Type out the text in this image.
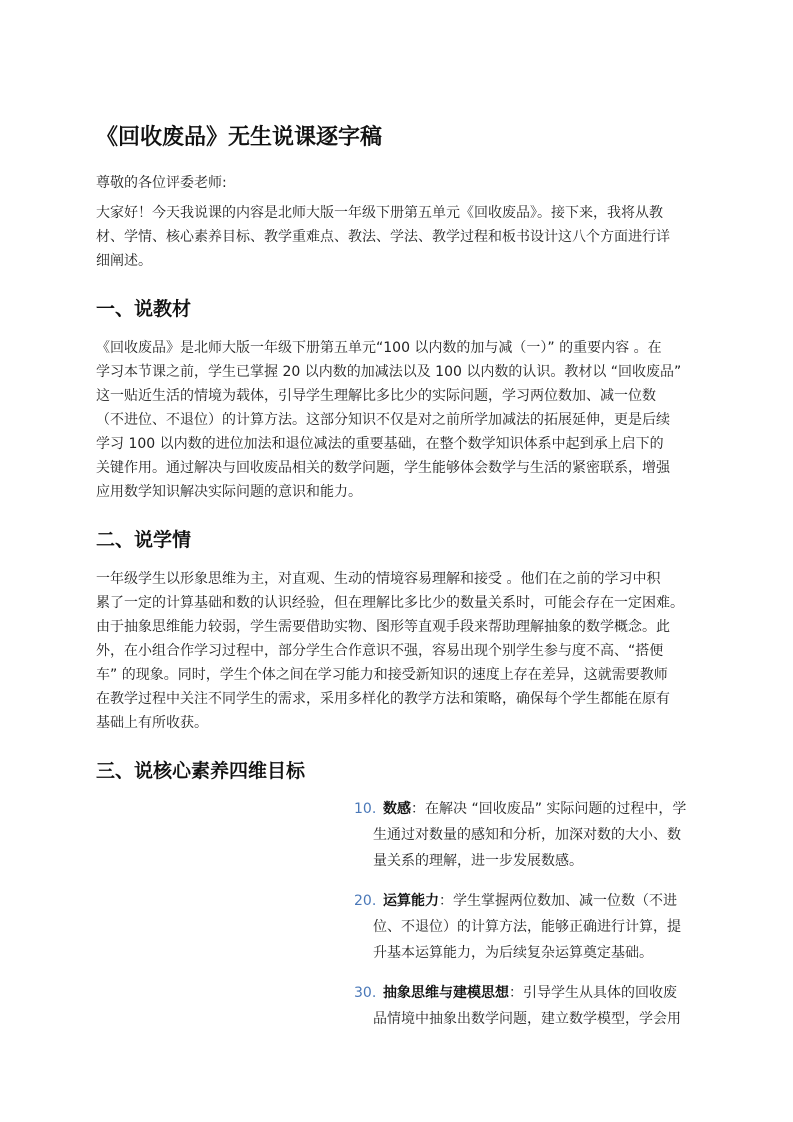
《回收废品》无生说课逐字稿

尊敬的各位评委老师:

大家好！今天我说课的内容是北师大版一年级下册第五单元《回收废品》。接下来，我将从教
材、学情、核心素养目标、教学重难点、教法、学法、教学过程和板书设计这八个方面进行详
细阐述。

一、说教材

《回收废品》是北师大版一年级下册第五单元“100 以内数的加与减（一）” 的重要内容 。在
学习本节课之前，学生已掌握 20 以内数的加减法以及 100 以内数的认识。教材以 “回收废品”
这一贴近生活的情境为载体，引导学生理解比多比少的实际问题，学习两位数加、减一位数
（不进位、不退位）的计算方法。这部分知识不仅是对之前所学加减法的拓展延伸，更是后续
学习 100 以内数的进位加法和退位减法的重要基础，在整个数学知识体系中起到承上启下的
关键作用。通过解决与回收废品相关的数学问题，学生能够体会数学与生活的紧密联系，增强
应用数学知识解决实际问题的意识和能力。

二、说学情

一年级学生以形象思维为主，对直观、生动的情境容易理解和接受 。他们在之前的学习中积
累了一定的计算基础和数的认识经验，但在理解比多比少的数量关系时，可能会存在一定困难。
由于抽象思维能力较弱，学生需要借助实物、图形等直观手段来帮助理解抽象的数学概念。此
外，在小组合作学习过程中，部分学生合作意识不强，容易出现个别学生参与度不高、“搭便
车” 的现象。同时，学生个体之间在学习能力和接受新知识的速度上存在差异，这就需要教师
在教学过程中关注不同学生的需求，采用多样化的教学方法和策略，确保每个学生都能在原有
基础上有所收获。

三、说核心素养四维目标
10. 数感：在解决 “回收废品” 实际问题的过程中，学
生通过对数量的感知和分析，加深对数的大小、数
量关系的理解，进一步发展数感。
20. 运算能力：学生掌握两位数加、减一位数（不进
位、不退位）的计算方法，能够正确进行计算，提
升基本运算能力，为后续复杂运算奠定基础。
30. 抽象思维与建模思想：引导学生从具体的回收废
品情境中抽象出数学问题，建立数学模型，学会用
